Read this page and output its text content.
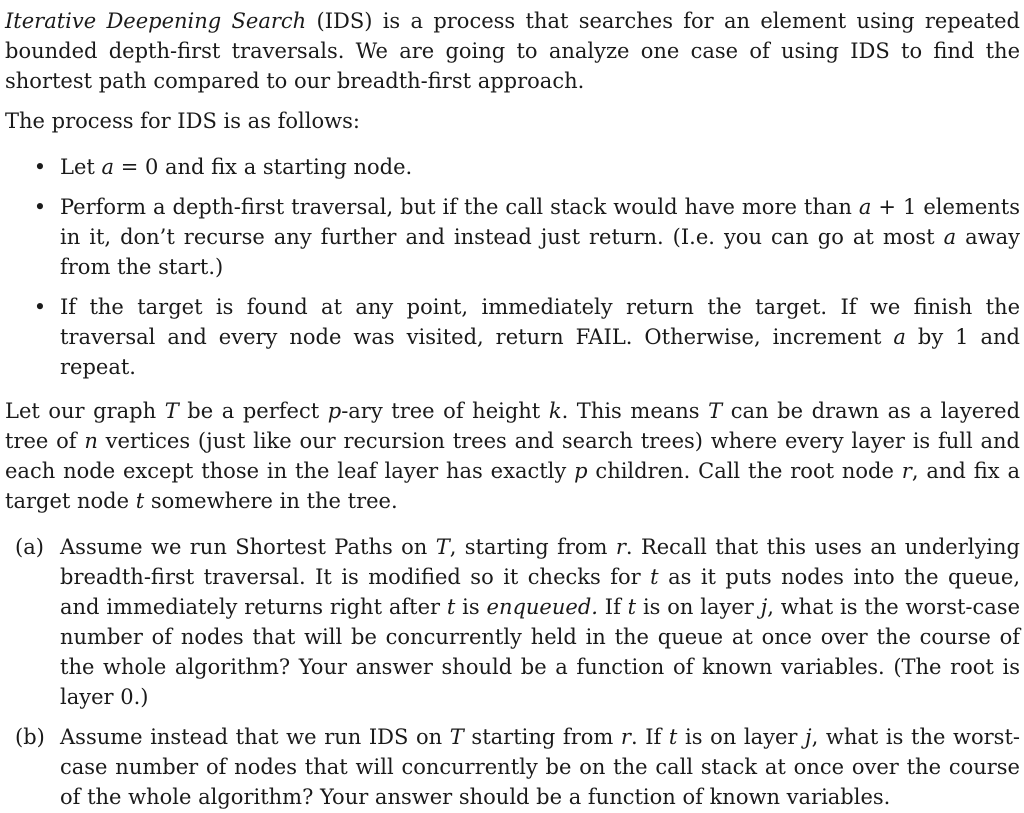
Iterative Deepening Search (IDS) is a process that searches for an element using repeated bounded depth-first traversals. We are going to analyze one case of using IDS to find the shortest path compared to our breadth-first approach.

The process for IDS is as follows:

• Let a = 0 and fix a starting node.
• Perform a depth-first traversal, but if the call stack would have more than a + 1 elements in it, don’t recurse any further and instead just return. (I.e. you can go at most a away from the start.)
• If the target is found at any point, immediately return the target. If we finish the traversal and every node was visited, return FAIL. Otherwise, increment a by 1 and repeat.

Let our graph T be a perfect p-ary tree of height k. This means T can be drawn as a layered tree of n vertices (just like our recursion trees and search trees) where every layer is full and each node except those in the leaf layer has exactly p children. Call the root node r, and fix a target node t somewhere in the tree.

(a) Assume we run Shortest Paths on T, starting from r. Recall that this uses an underlying breadth-first traversal. It is modified so it checks for t as it puts nodes into the queue, and immediately returns right after t is enqueued. If t is on layer j, what is the worst-case number of nodes that will be concurrently held in the queue at once over the course of the whole algorithm? Your answer should be a function of known variables. (The root is layer 0.)
(b) Assume instead that we run IDS on T starting from r. If t is on layer j, what is the worst-case number of nodes that will concurrently be on the call stack at once over the course of the whole algorithm? Your answer should be a function of known variables.
